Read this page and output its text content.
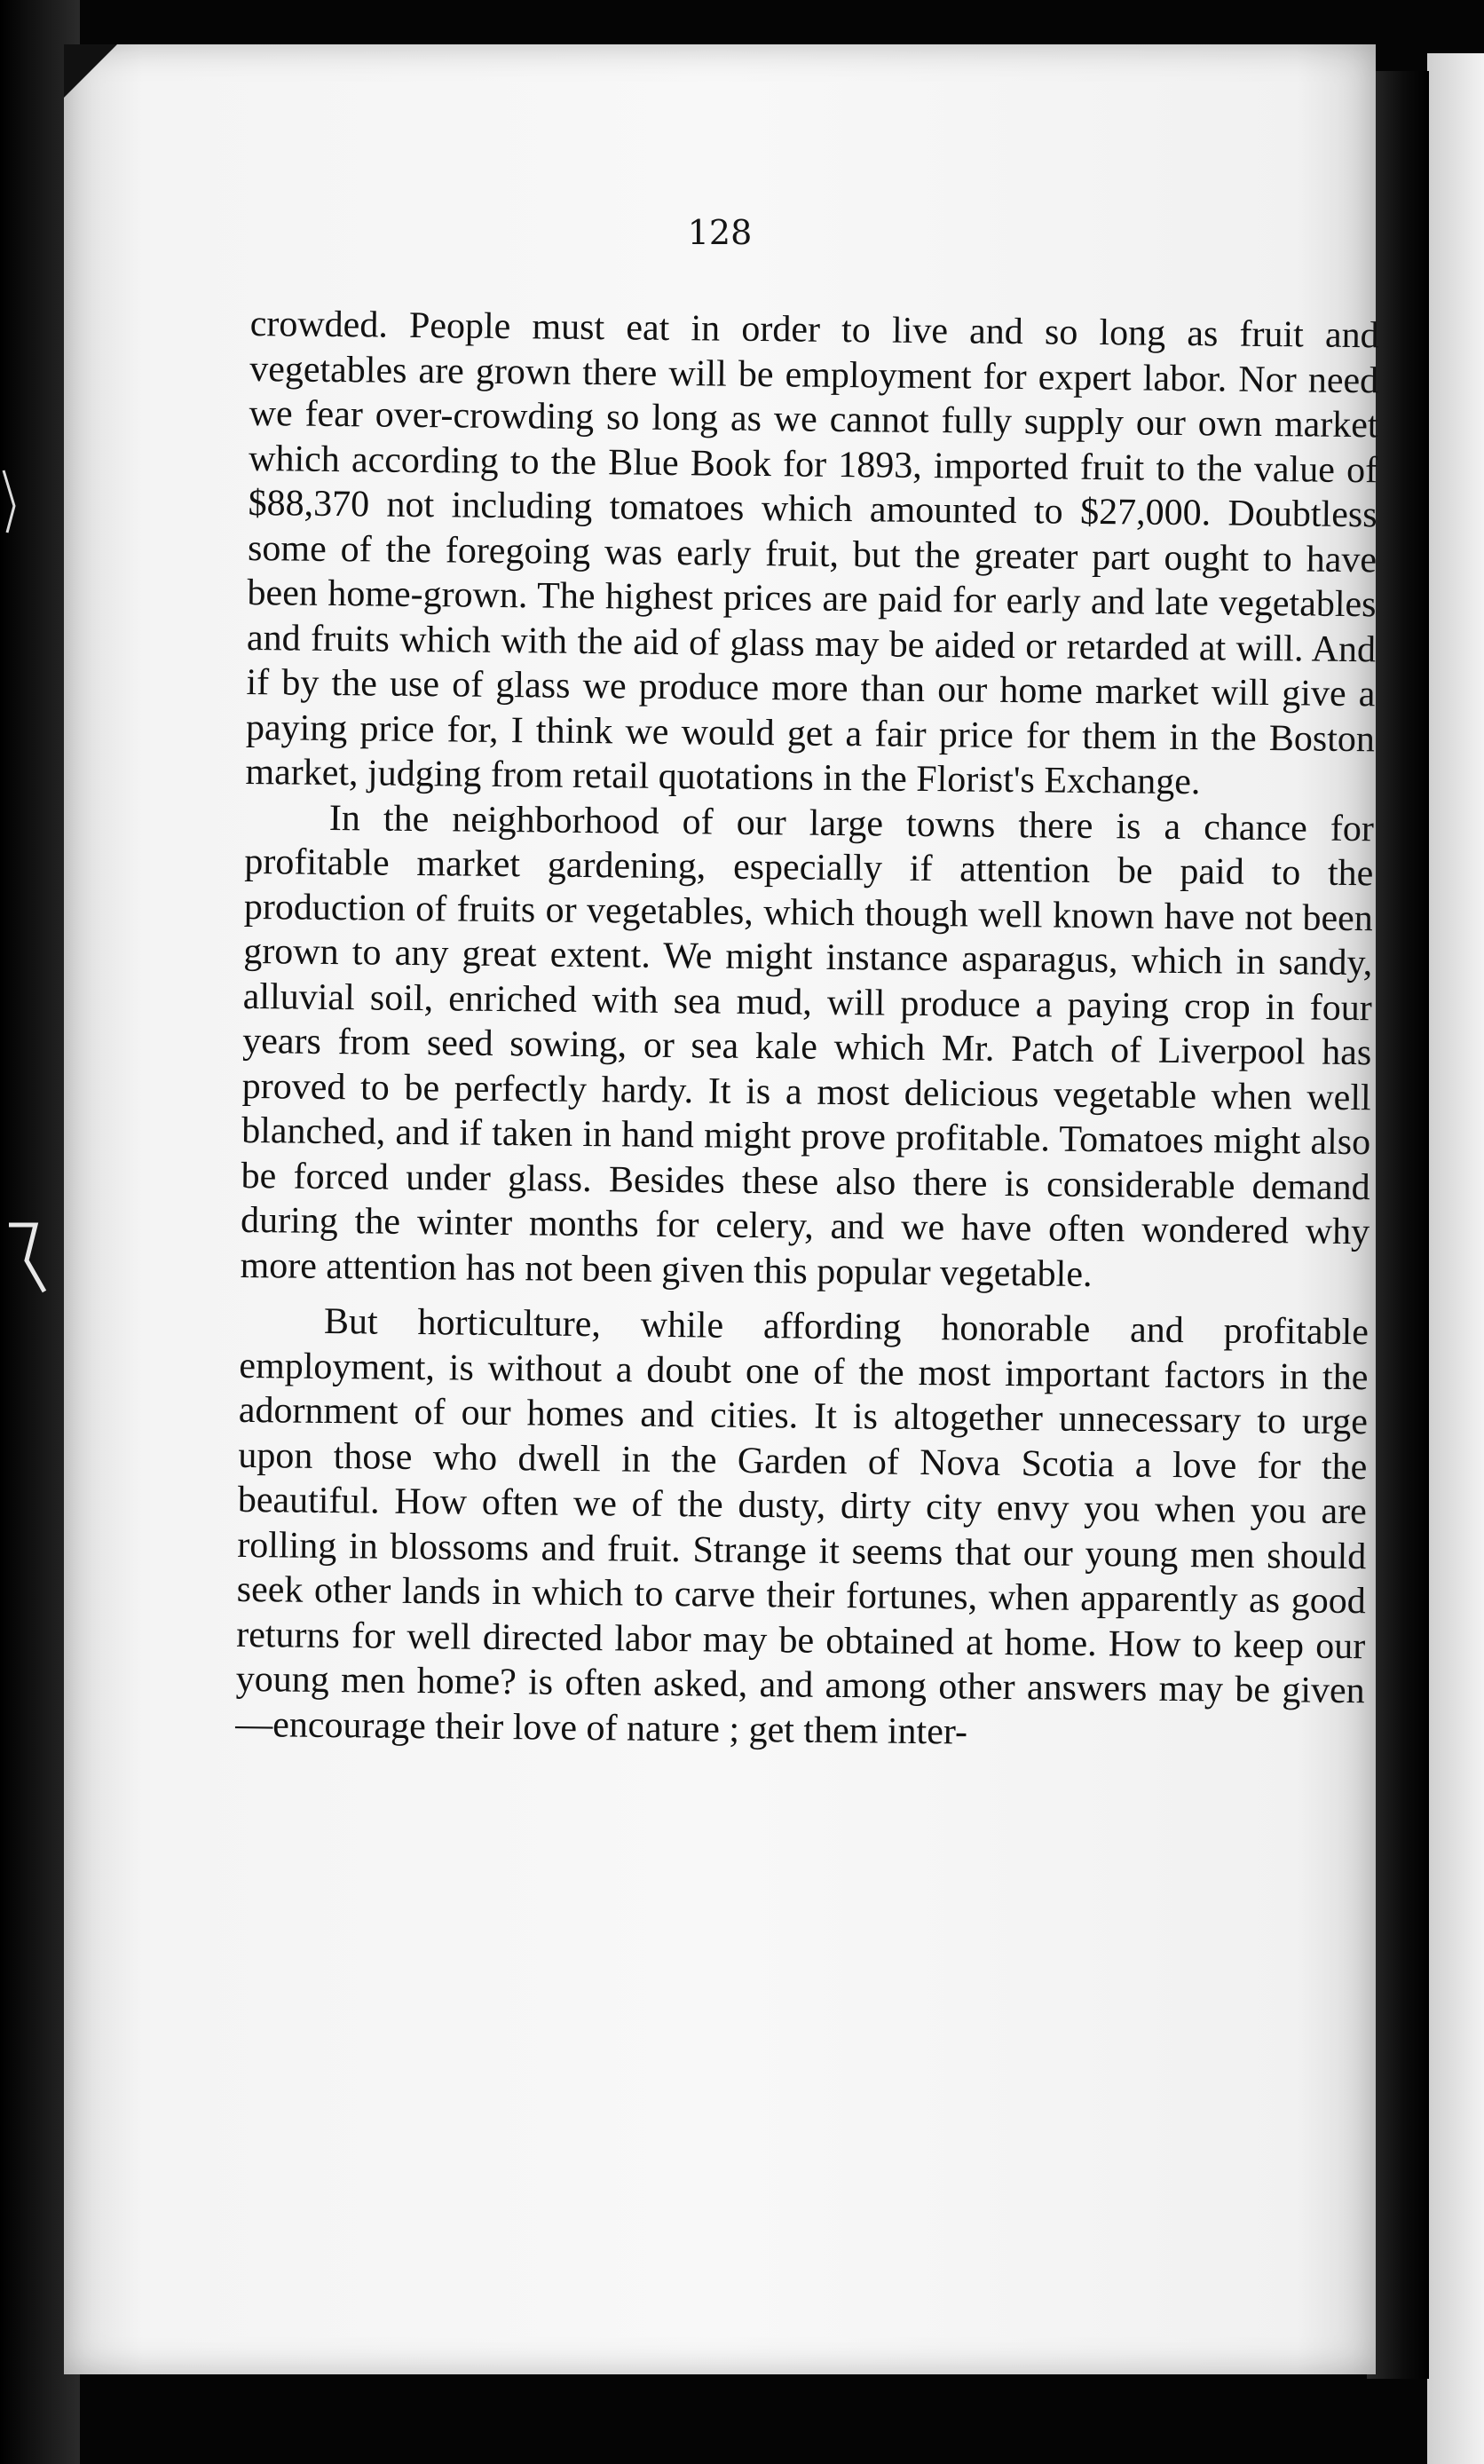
128

crowded. People must eat in order to live and so long as fruit and vegetables are grown there will be employment for expert labor. Nor need we fear over-crowding so long as we cannot fully supply our own market which according to the Blue Book for 1893, imported fruit to the value of $88,370 not including tomatoes which amounted to $27,000. Doubtless some of the foregoing was early fruit, but the greater part ought to have been home-grown. The highest prices are paid for early and late vegetables and fruits which with the aid of glass may be aided or retarded at will. And if by the use of glass we produce more than our home market will give a paying price for, I think we would get a fair price for them in the Boston market, judging from retail quotations in the Florist's Exchange.

In the neighborhood of our large towns there is a chance for profitable market gardening, especially if attention be paid to the production of fruits or vegetables, which though well known have not been grown to any great extent. We might instance asparagus, which in sandy, alluvial soil, enriched with sea mud, will produce a paying crop in four years from seed sowing, or sea kale which Mr. Patch of Liverpool has proved to be perfectly hardy. It is a most delicious vegetable when well blanched, and if taken in hand might prove profitable. Tomatoes might also be forced under glass. Besides these also there is considerable demand during the winter months for celery, and we have often wondered why more attention has not been given this popular vegetable.

But horticulture, while affording honorable and profitable employment, is without a doubt one of the most important factors in the adornment of our homes and cities. It is altogether unnecessary to urge upon those who dwell in the Garden of Nova Scotia a love for the beautiful. How often we of the dusty, dirty city envy you when you are rolling in blossoms and fruit. Strange it seems that our young men should seek other lands in which to carve their fortunes, when apparently as good returns for well directed labor may be obtained at home. How to keep our young men home? is often asked, and among other answers may be given—encourage their love of nature ; get them inter-
